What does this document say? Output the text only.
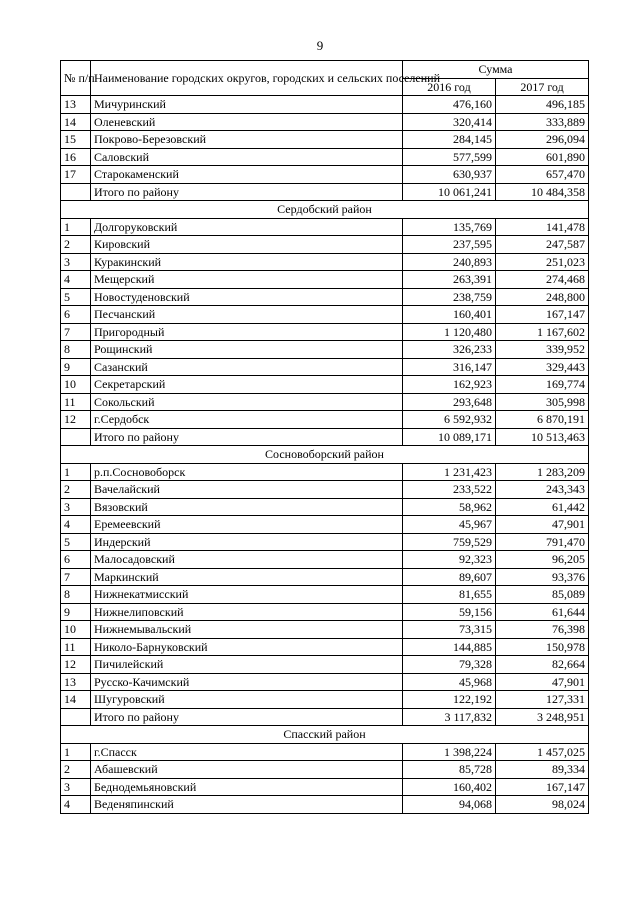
9
№ п/п	Наименование городских округов, городских и сельских поселений	Сумма	
		2016 год	2017 год
13	Мичуринский	476,160	496,185
14	Оленевский	320,414	333,889
15	Покрово-Березовский	284,145	296,094
16	Саловский	577,599	601,890
17	Старокаменский	630,937	657,470
	Итого по району	10 061,241	10 484,358
Сердобский район			
1	Долгоруковский	135,769	141,478
2	Кировский	237,595	247,587
3	Куракинский	240,893	251,023
4	Мещерский	263,391	274,468
5	Новостуденовский	238,759	248,800
6	Песчанский	160,401	167,147
7	Пригородный	1 120,480	1 167,602
8	Рощинский	326,233	339,952
9	Сазанский	316,147	329,443
10	Секретарский	162,923	169,774
11	Сокольский	293,648	305,998
12	г.Сердобск	6 592,932	6 870,191
	Итого по району	10 089,171	10 513,463
Сосновоборский район			
1	р.п.Сосновоборск	1 231,423	1 283,209
2	Вачелайский	233,522	243,343
3	Вязовский	58,962	61,442
4	Еремеевский	45,967	47,901
5	Индерский	759,529	791,470
6	Малосадовский	92,323	96,205
7	Маркинский	89,607	93,376
8	Нижнекатмисский	81,655	85,089
9	Нижнелиповский	59,156	61,644
10	Нижнемывальский	73,315	76,398
11	Николо-Барнуковский	144,885	150,978
12	Пичилейский	79,328	82,664
13	Русско-Качимский	45,968	47,901
14	Шугуровский	122,192	127,331
	Итого по району	3 117,832	3 248,951
Спасский район			
1	г.Спасск	1 398,224	1 457,025
2	Абашевский	85,728	89,334
3	Беднодемьяновский	160,402	167,147
4	Веденяпинский	94,068	98,024
